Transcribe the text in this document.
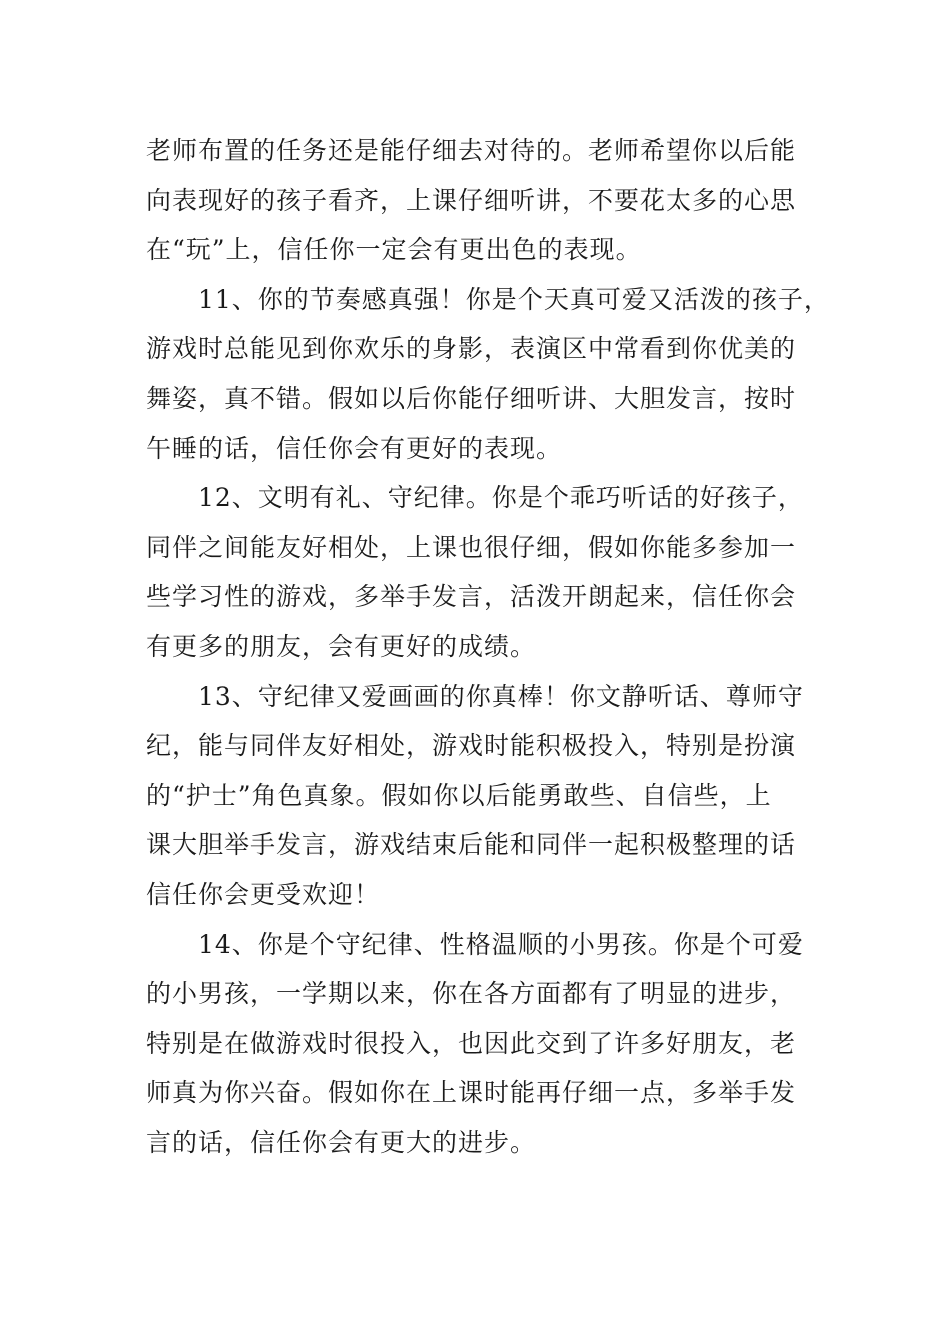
老师布置的任务还是能仔细去对待的。老师希望你以后能
向表现好的孩子看齐，上课仔细听讲，不要花太多的心思
在“玩”上，信任你一定会有更出色的表现。
11、你的节奏感真强！你是个天真可爱又活泼的孩子，
游戏时总能见到你欢乐的身影，表演区中常看到你优美的
舞姿，真不错。假如以后你能仔细听讲、大胆发言，按时
午睡的话，信任你会有更好的表现。
12、文明有礼、守纪律。你是个乖巧听话的好孩子，
同伴之间能友好相处，上课也很仔细，假如你能多参加一
些学习性的游戏，多举手发言，活泼开朗起来，信任你会
有更多的朋友，会有更好的成绩。
13、守纪律又爱画画的你真棒！你文静听话、尊师守
纪，能与同伴友好相处，游戏时能积极投入，特别是扮演
的“护士”角色真象。假如你以后能勇敢些、自信些，上
课大胆举手发言，游戏结束后能和同伴一起积极整理的话
信任你会更受欢迎！
14、你是个守纪律、性格温顺的小男孩。你是个可爱
的小男孩，一学期以来，你在各方面都有了明显的进步，
特别是在做游戏时很投入，也因此交到了许多好朋友，老
师真为你兴奋。假如你在上课时能再仔细一点，多举手发
言的话，信任你会有更大的进步。
